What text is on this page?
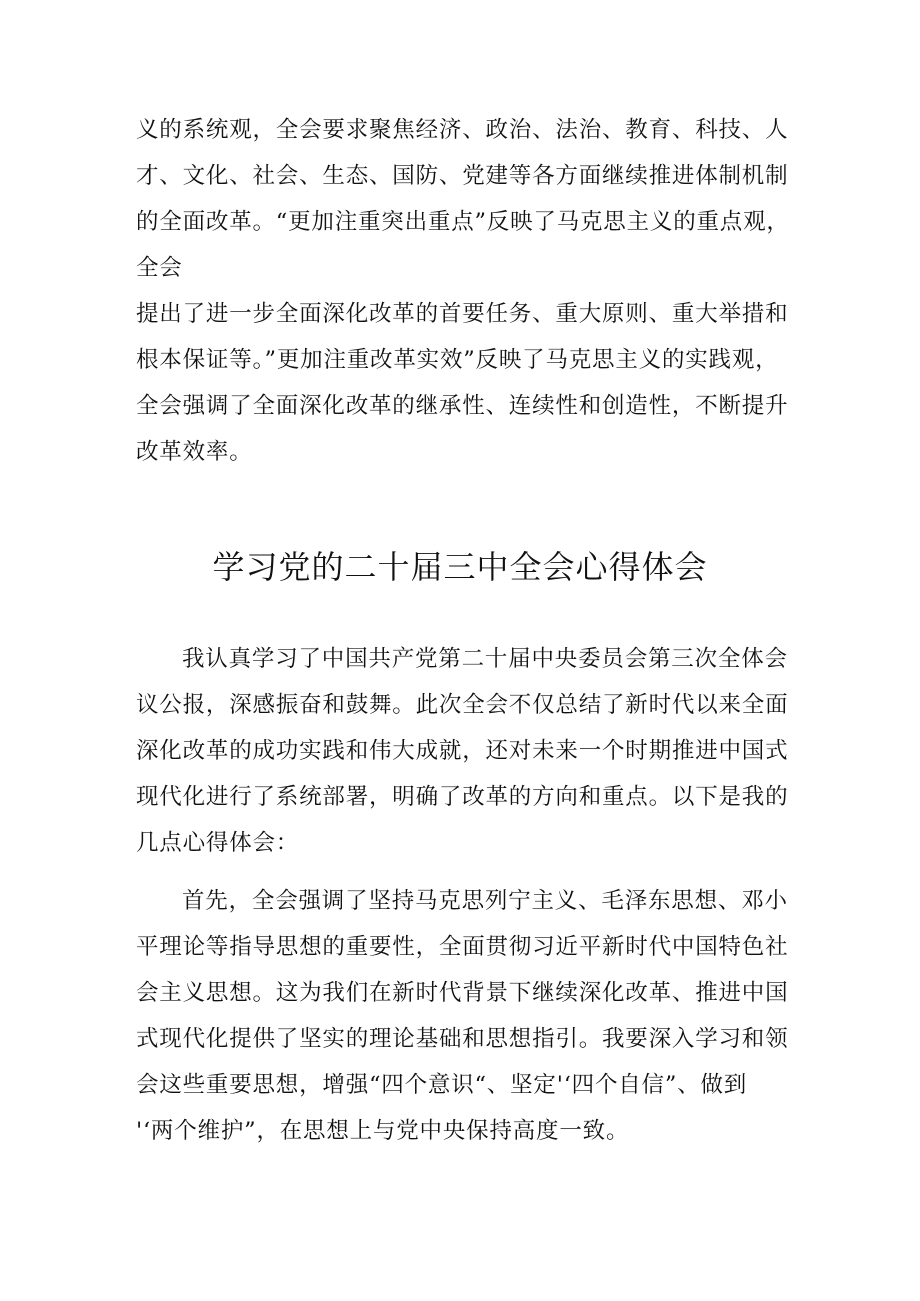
义的系统观，全会要求聚焦经济、政治、法治、教育、科技、人
才、文化、社会、生态、国防、党建等各方面继续推进体制机制
的全面改革。“更加注重突出重点”反映了马克思主义的重点观，
全会
提出了进一步全面深化改革的首要任务、重大原则、重大举措和
根本保证等。”更加注重改革实效”反映了马克思主义的实践观，
全会强调了全面深化改革的继承性、连续性和创造性，不断提升
改革效率。
学习党的二十届三中全会心得体会
我认真学习了中国共产党第二十届中央委员会第三次全体会
议公报，深感振奋和鼓舞。此次全会不仅总结了新时代以来全面
深化改革的成功实践和伟大成就，还对未来一个时期推进中国式
现代化进行了系统部署，明确了改革的方向和重点。以下是我的
几点心得体会：
首先，全会强调了坚持马克思列宁主义、毛泽东思想、邓小
平理论等指导思想的重要性，全面贯彻习近平新时代中国特色社
会主义思想。这为我们在新时代背景下继续深化改革、推进中国
式现代化提供了坚实的理论基础和思想指引。我要深入学习和领
会这些重要思想，增强“四个意识“、坚定'‘四个自信”、做到
'‘两个维护”，在思想上与党中央保持高度一致。
